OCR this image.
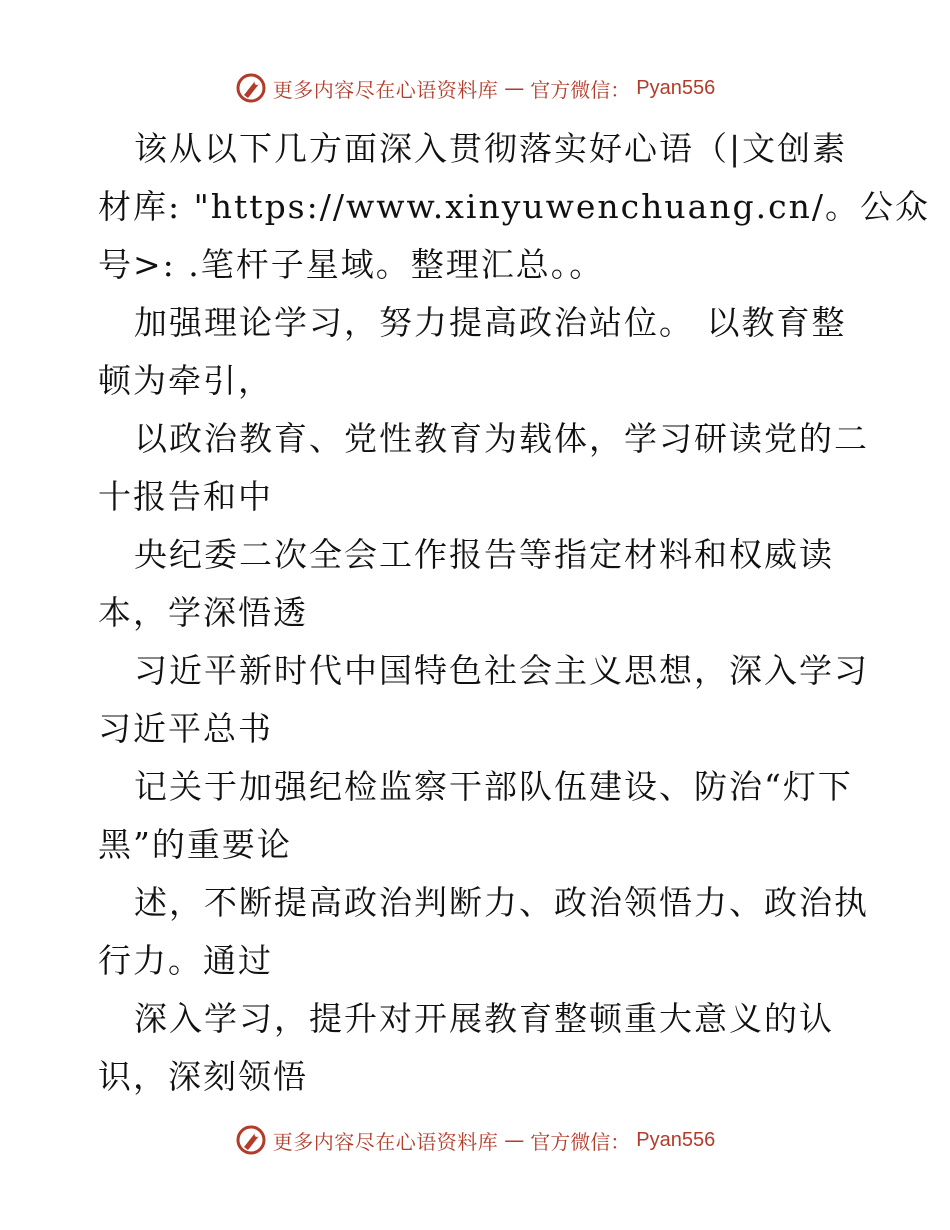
更多内容尽在心语资料库 — 官方微信： Pyan556
该从以下几方面深入贯彻落实好心语（|文创素
材库: "https://www.xinyuwenchuang.cn/。公众
号>: .笔杆子星域。整理汇总。。
加强理论学习，努力提高政治站位。 以教育整
顿为牵引，
以政治教育、党性教育为载体，学习研读党的二
十报告和中
央纪委二次全会工作报告等指定材料和权威读
本，学深悟透
习近平新时代中国特色社会主义思想，深入学习
习近平总书
记关于加强纪检监察干部队伍建设、防治“灯下
黑”的重要论
述，不断提高政治判断力、政治领悟力、政治执
行力。通过
深入学习，提升对开展教育整顿重大意义的认
识，深刻领悟
更多内容尽在心语资料库 — 官方微信： Pyan556
